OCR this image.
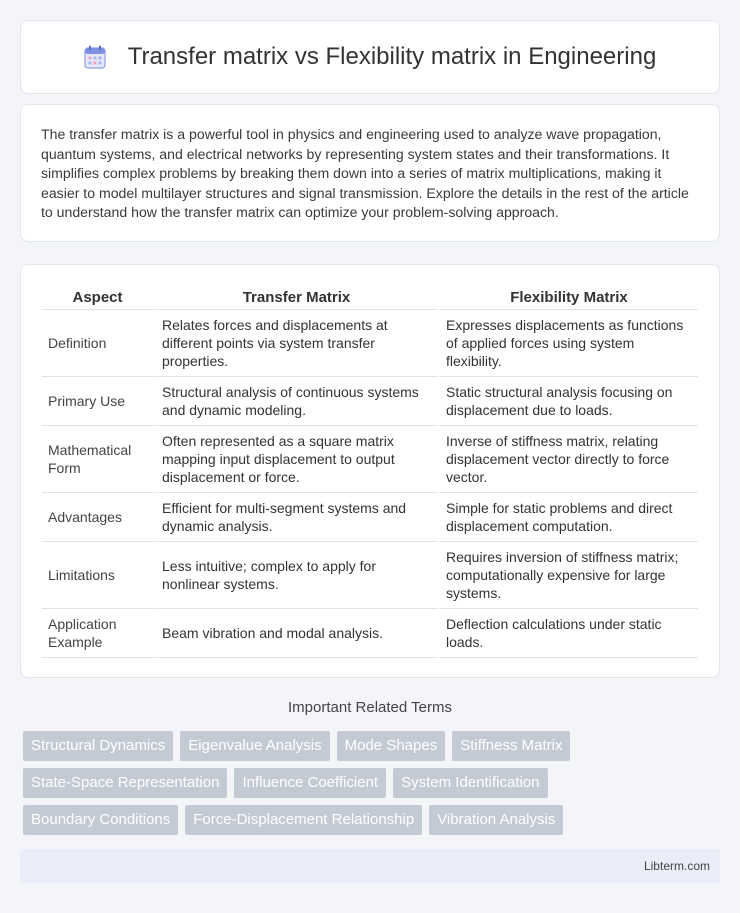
Transfer matrix vs Flexibility matrix in Engineering

The transfer matrix is a powerful tool in physics and engineering used to analyze wave propagation, quantum systems, and electrical networks by representing system states and their transformations. It simplifies complex problems by breaking them down into a series of matrix multiplications, making it easier to model multilayer structures and signal transmission. Explore the details in the rest of the article to understand how the transfer matrix can optimize your problem-solving approach.

Aspect	Transfer Matrix	Flexibility Matrix
Definition	Relates forces and displacements at different points via system transfer properties.	Expresses displacements as functions of applied forces using system flexibility.
Primary Use	Structural analysis of continuous systems and dynamic modeling.	Static structural analysis focusing on displacement due to loads.
Mathematical Form	Often represented as a square matrix mapping input displacement to output displacement or force.	Inverse of stiffness matrix, relating displacement vector directly to force vector.
Advantages	Efficient for multi-segment systems and dynamic analysis.	Simple for static problems and direct displacement computation.
Limitations	Less intuitive; complex to apply for nonlinear systems.	Requires inversion of stiffness matrix; computationally expensive for large systems.
Application Example	Beam vibration and modal analysis.	Deflection calculations under static loads.
Important Related Terms
Structural Dynamics	Eigenvalue Analysis	Mode Shapes	Stiffness Matrix
State-Space Representation	Influence Coefficient	System Identification
Boundary Conditions	Force-Displacement Relationship	Vibration Analysis
Libterm.com
